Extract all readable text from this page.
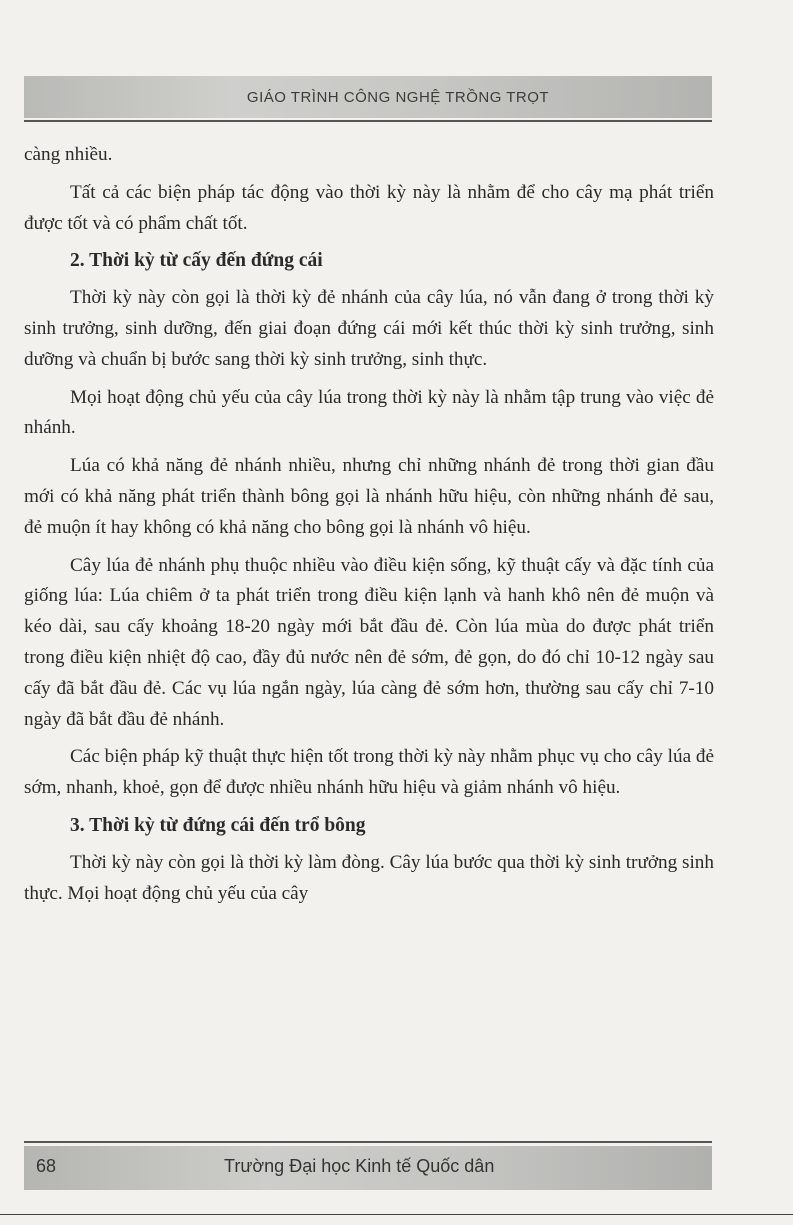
GIÁO TRÌNH CÔNG NGHỆ TRỒNG TRỌT

càng nhiều.

Tất cả các biện pháp tác động vào thời kỳ này là nhằm để cho cây mạ phát triển được tốt và có phẩm chất tốt.

2. Thời kỳ từ cấy đến đứng cái

Thời kỳ này còn gọi là thời kỳ đẻ nhánh của cây lúa, nó vẫn đang ở trong thời kỳ sinh trưởng, sinh dưỡng, đến giai đoạn đứng cái mới kết thúc thời kỳ sinh trưởng, sinh dưỡng và chuẩn bị bước sang thời kỳ sinh trưởng, sinh thực.

Mọi hoạt động chủ yếu của cây lúa trong thời kỳ này là nhằm tập trung vào việc đẻ nhánh.

Lúa có khả năng đẻ nhánh nhiều, nhưng chỉ những nhánh đẻ trong thời gian đầu mới có khả năng phát triển thành bông gọi là nhánh hữu hiệu, còn những nhánh đẻ sau, đẻ muộn ít hay không có khả năng cho bông gọi là nhánh vô hiệu.

Cây lúa đẻ nhánh phụ thuộc nhiều vào điều kiện sống, kỹ thuật cấy và đặc tính của giống lúa: Lúa chiêm ở ta phát triển trong điều kiện lạnh và hanh khô nên đẻ muộn và kéo dài, sau cấy khoảng 18-20 ngày mới bắt đầu đẻ. Còn lúa mùa do được phát triển trong điều kiện nhiệt độ cao, đầy đủ nước nên đẻ sớm, đẻ gọn, do đó chỉ 10-12 ngày sau cấy đã bắt đầu đẻ. Các vụ lúa ngắn ngày, lúa càng đẻ sớm hơn, thường sau cấy chỉ 7-10 ngày đã bắt đầu đẻ nhánh.

Các biện pháp kỹ thuật thực hiện tốt trong thời kỳ này nhằm phục vụ cho cây lúa đẻ sớm, nhanh, khoẻ, gọn để được nhiều nhánh hữu hiệu và giảm nhánh vô hiệu.

3. Thời kỳ từ đứng cái đến trổ bông

Thời kỳ này còn gọi là thời kỳ làm đòng. Cây lúa bước qua thời kỳ sinh trưởng sinh thực. Mọi hoạt động chủ yếu của cây

68	Trường Đại học Kinh tế Quốc dân
